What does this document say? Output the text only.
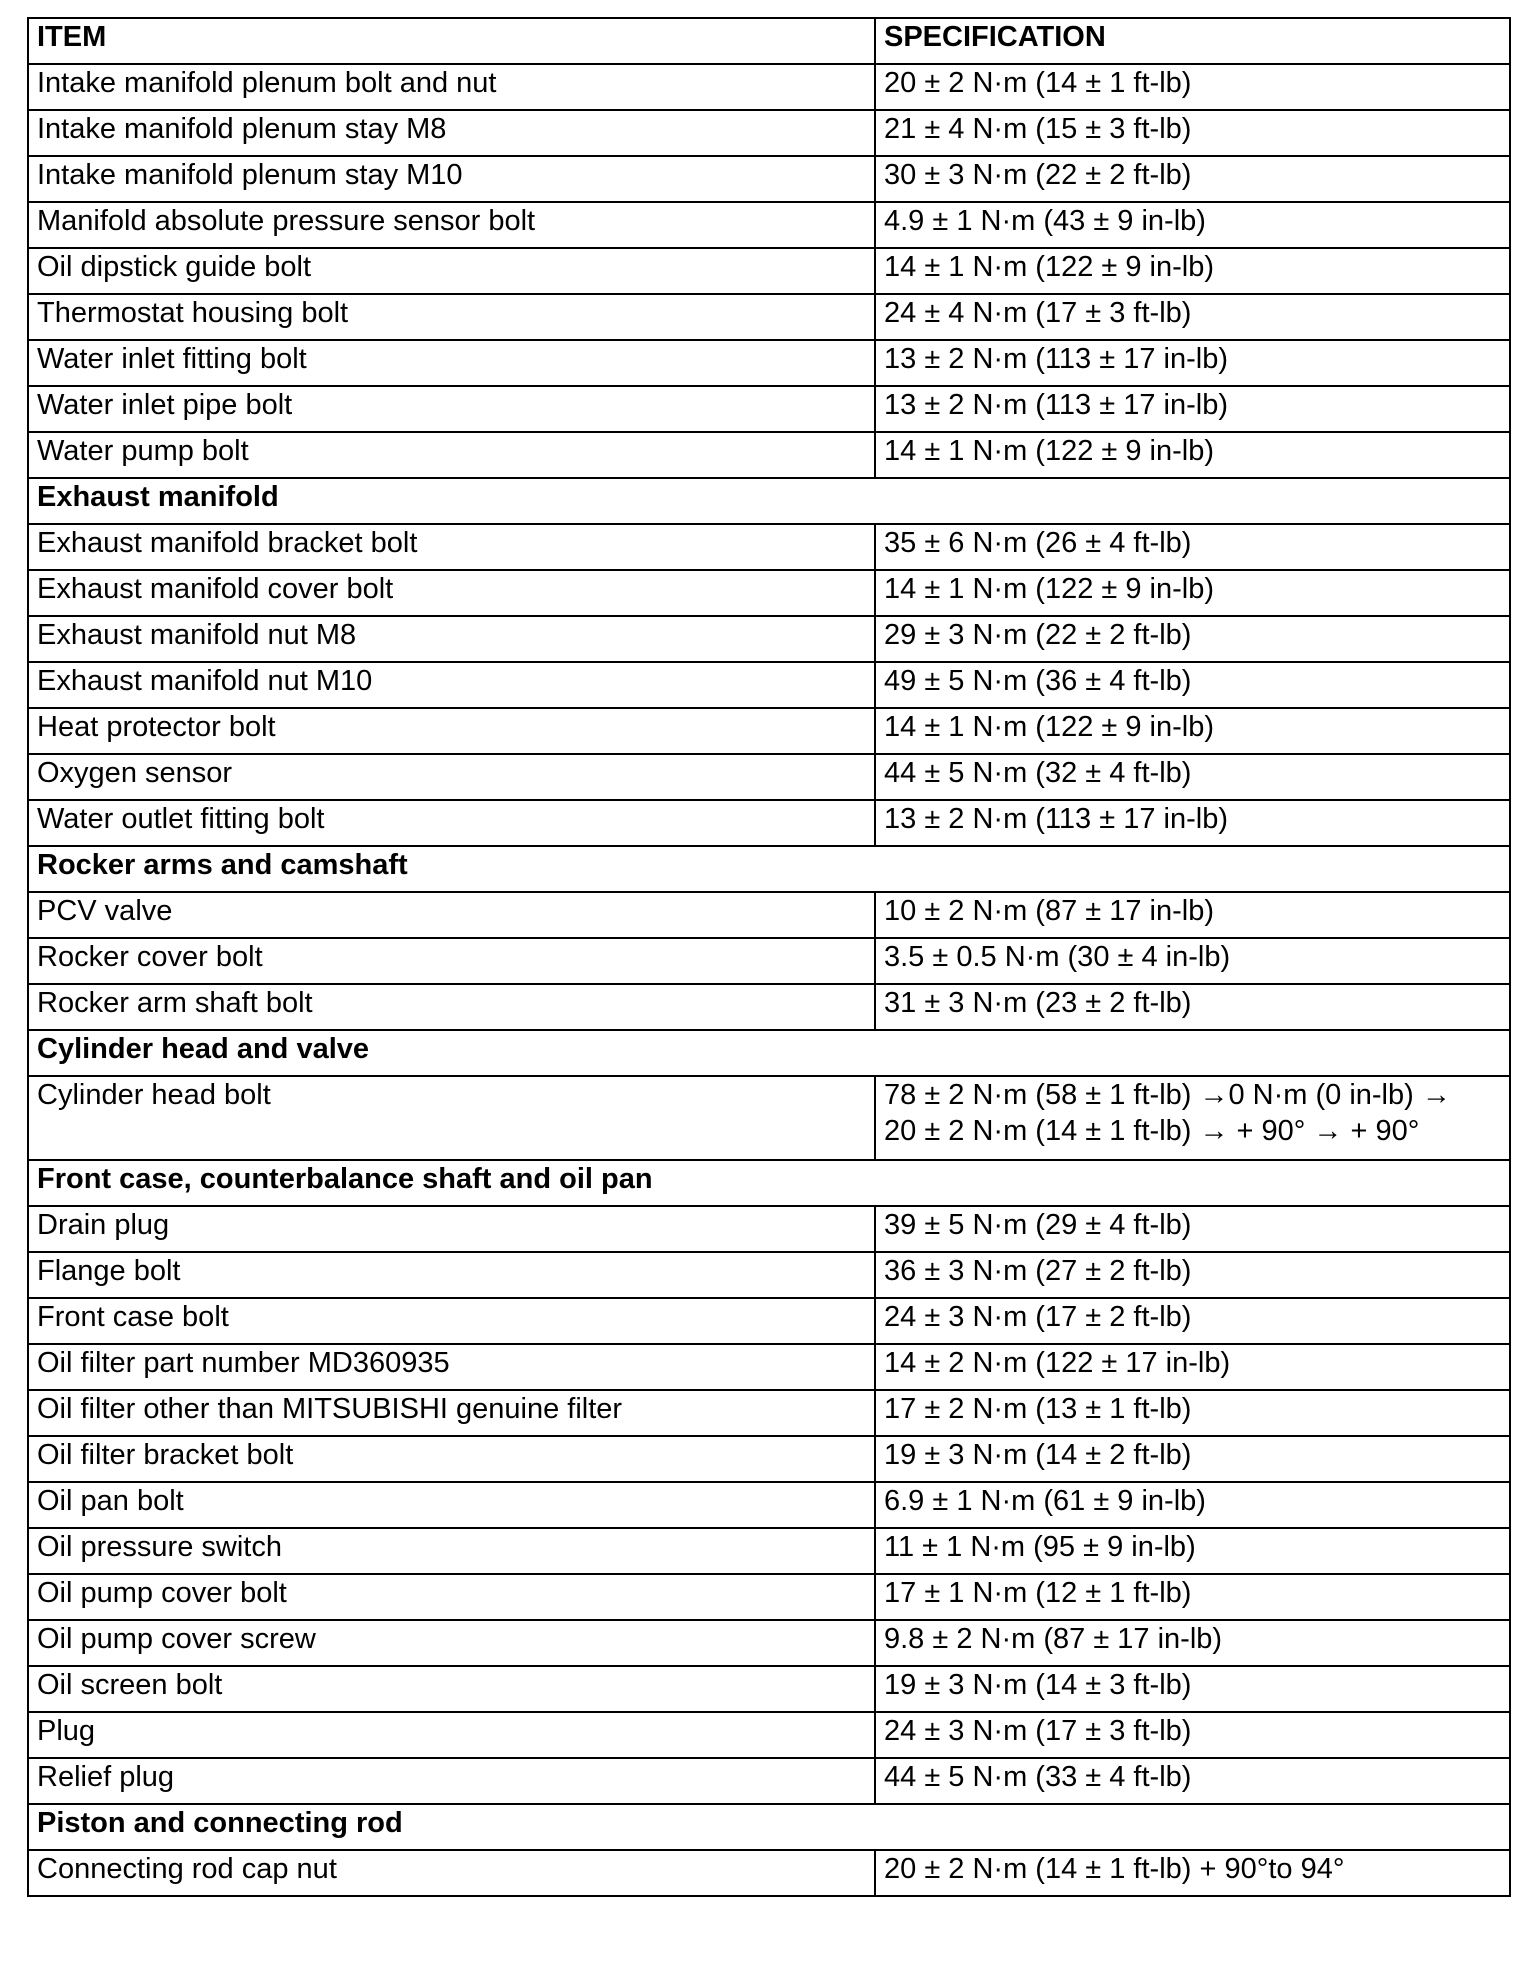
ITEM	SPECIFICATION
Intake manifold plenum bolt and nut	20 ± 2 N·m (14 ± 1 ft-lb)

Intake manifold plenum stay M8	21 ± 4 N·m (15 ± 3 ft-lb)

Intake manifold plenum stay M10	30 ± 3 N·m (22 ± 2 ft-lb)

Manifold absolute pressure sensor bolt	4.9 ± 1 N·m (43 ± 9 in-lb)

Oil dipstick guide bolt	14 ± 1 N·m (122 ± 9 in-lb)

Thermostat housing bolt	24 ± 4 N·m (17 ± 3 ft-lb)

Water inlet fitting bolt	13 ± 2 N·m (113 ± 17 in-lb)

Water inlet pipe bolt	13 ± 2 N·m (113 ± 17 in-lb)

Water pump bolt	14 ± 1 N·m (122 ± 9 in-lb)

Exhaust manifold	
Exhaust manifold bracket bolt	35 ± 6 N·m (26 ± 4 ft-lb)

Exhaust manifold cover bolt	14 ± 1 N·m (122 ± 9 in-lb)

Exhaust manifold nut M8	29 ± 3 N·m (22 ± 2 ft-lb)

Exhaust manifold nut M10	49 ± 5 N·m (36 ± 4 ft-lb)

Heat protector bolt	14 ± 1 N·m (122 ± 9 in-lb)

Oxygen sensor	44 ± 5 N·m (32 ± 4 ft-lb)

Water outlet fitting bolt	13 ± 2 N·m (113 ± 17 in-lb)

Rocker arms and camshaft	
PCV valve	10 ± 2 N·m (87 ± 17 in-lb)

Rocker cover bolt	3.5 ± 0.5 N·m (30 ± 4 in-lb)

Rocker arm shaft bolt	31 ± 3 N·m (23 ± 2 ft-lb)

Cylinder head and valve	
Cylinder head bolt	78 ± 2 N·m (58 ± 1 ft-lb) →0 N·m (0 in-lb) →
20 ± 2 N·m (14 ± 1 ft-lb) → + 90° → + 90°

Front case, counterbalance shaft and oil pan	
Drain plug	39 ± 5 N·m (29 ± 4 ft-lb)

Flange bolt	36 ± 3 N·m (27 ± 2 ft-lb)

Front case bolt	24 ± 3 N·m (17 ± 2 ft-lb)

Oil filter part number MD360935	14 ± 2 N·m (122 ± 17 in-lb)

Oil filter other than MITSUBISHI genuine filter	17 ± 2 N·m (13 ± 1 ft-lb)

Oil filter bracket bolt	19 ± 3 N·m (14 ± 2 ft-lb)

Oil pan bolt	6.9 ± 1 N·m (61 ± 9 in-lb)

Oil pressure switch	11 ± 1 N·m (95 ± 9 in-lb)

Oil pump cover bolt	17 ± 1 N·m (12 ± 1 ft-lb)

Oil pump cover screw	9.8 ± 2 N·m (87 ± 17 in-lb)

Oil screen bolt	19 ± 3 N·m (14 ± 3 ft-lb)

Plug	24 ± 3 N·m (17 ± 3 ft-lb)

Relief plug	44 ± 5 N·m (33 ± 4 ft-lb)

Piston and connecting rod	
Connecting rod cap nut	20 ± 2 N·m (14 ± 1 ft-lb) + 90°to 94°
